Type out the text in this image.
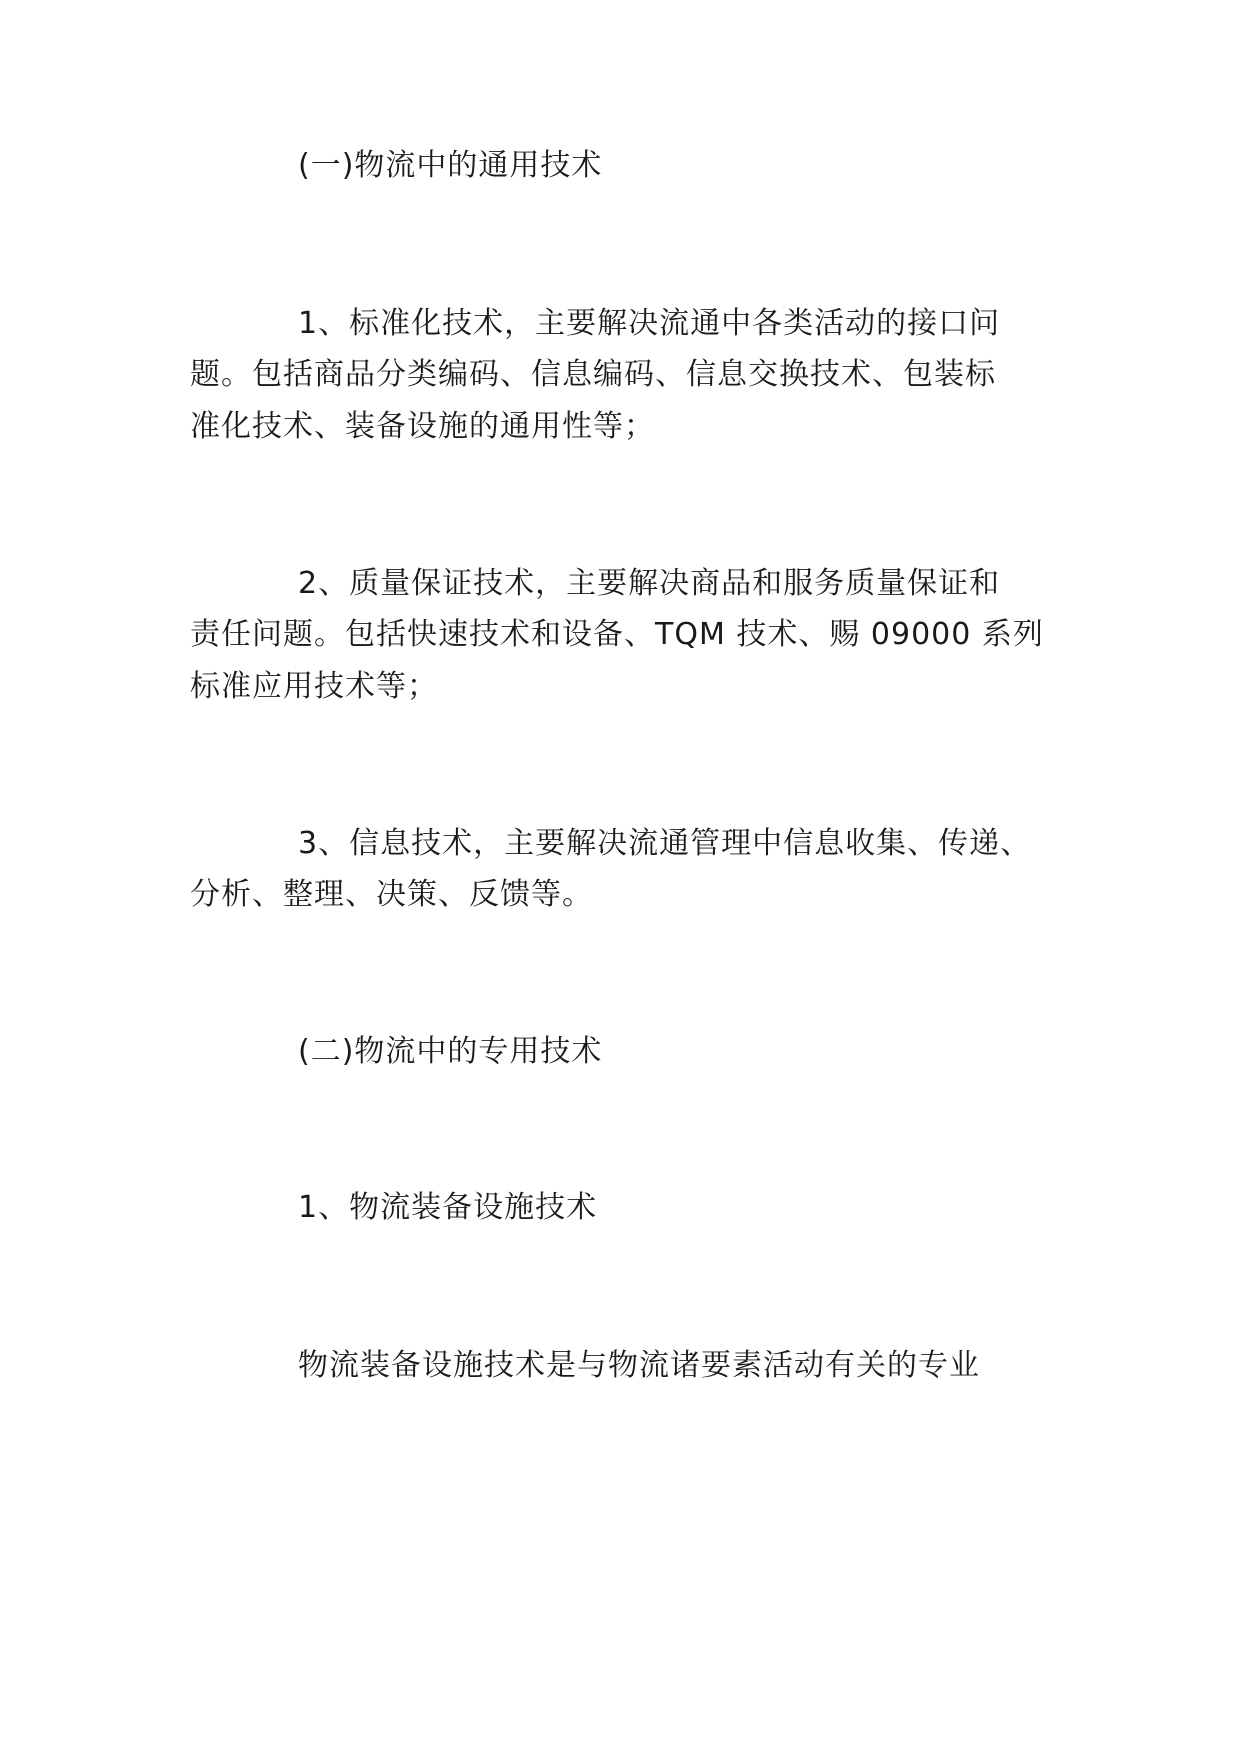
(一)物流中的通用技术
1、标准化技术，主要解决流通中各类活动的接口问
题。包括商品分类编码、信息编码、信息交换技术、包装标
准化技术、装备设施的通用性等；
2、质量保证技术，主要解决商品和服务质量保证和
责任问题。包括快速技术和设备、TQM 技术、赐 09000 系列
标准应用技术等；
3、信息技术，主要解决流通管理中信息收集、传递、
分析、整理、决策、反馈等。
(二)物流中的专用技术
1、物流装备设施技术
物流装备设施技术是与物流诸要素活动有关的专业
